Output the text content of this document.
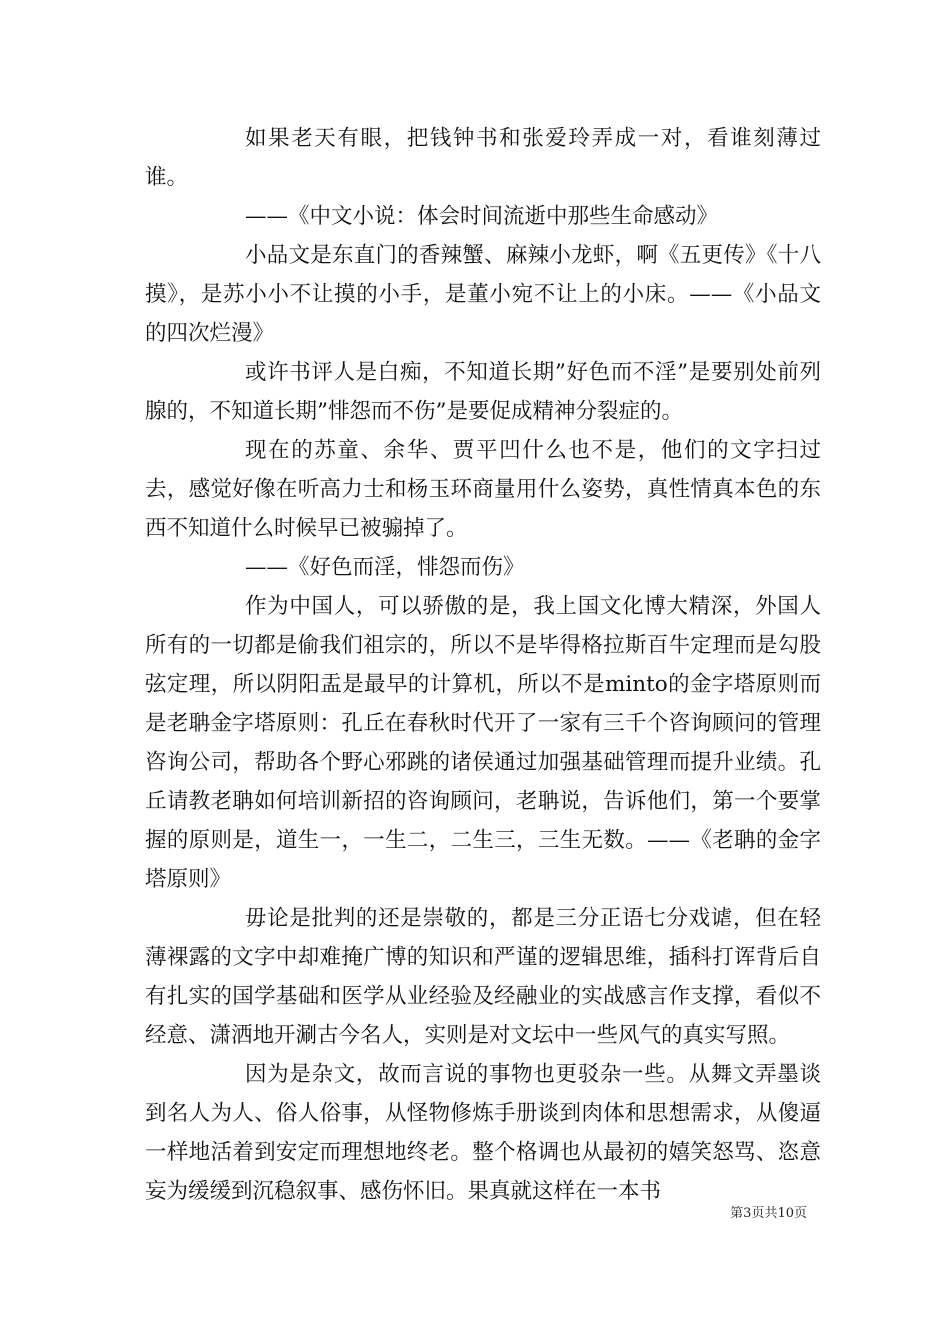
如果老天有眼，把钱钟书和张爱玲弄成一对，看谁刻薄过谁。

——《中文小说：体会时间流逝中那些生命感动》

小品文是东直门的香辣蟹、麻辣小龙虾，啊《五更传》《十八摸》，是苏小小不让摸的小手，是董小宛不让上的小床。——《小品文的四次烂漫》

或许书评人是白痴，不知道长期”好色而不淫”是要别处前列腺的，不知道长期”悱怨而不伤”是要促成精神分裂症的。

现在的苏童、余华、贾平凹什么也不是，他们的文字扫过去，感觉好像在听高力士和杨玉环商量用什么姿势，真性情真本色的东西不知道什么时候早已被骟掉了。

——《好色而淫，悱怨而伤》

作为中国人，可以骄傲的是，我上国文化博大精深，外国人所有的一切都是偷我们祖宗的，所以不是毕得格拉斯百牛定理而是勾股弦定理，所以阴阳盂是最早的计算机，所以不是minto的金字塔原则而是老聃金字塔原则：孔丘在春秋时代开了一家有三千个咨询顾问的管理咨询公司，帮助各个野心邪跳的诸侯通过加强基础管理而提升业绩。孔丘请教老聃如何培训新招的咨询顾问，老聃说，告诉他们，第一个要掌握的原则是，道生一，一生二，二生三，三生无数。——《老聃的金字塔原则》

毋论是批判的还是崇敬的，都是三分正语七分戏谑，但在轻薄裸露的文字中却难掩广博的知识和严谨的逻辑思维，插科打诨背后自有扎实的国学基础和医学从业经验及经融业的实战感言作支撑，看似不经意、潇洒地开涮古今名人，实则是对文坛中一些风气的真实写照。

因为是杂文，故而言说的事物也更驳杂一些。从舞文弄墨谈到名人为人、俗人俗事，从怪物修炼手册谈到肉体和思想需求，从傻逼一样地活着到安定而理想地终老。整个格调也从最初的嬉笑怒骂、恣意妄为缓缓到沉稳叙事、感伤怀旧。果真就这样在一本书

第3页共10页
